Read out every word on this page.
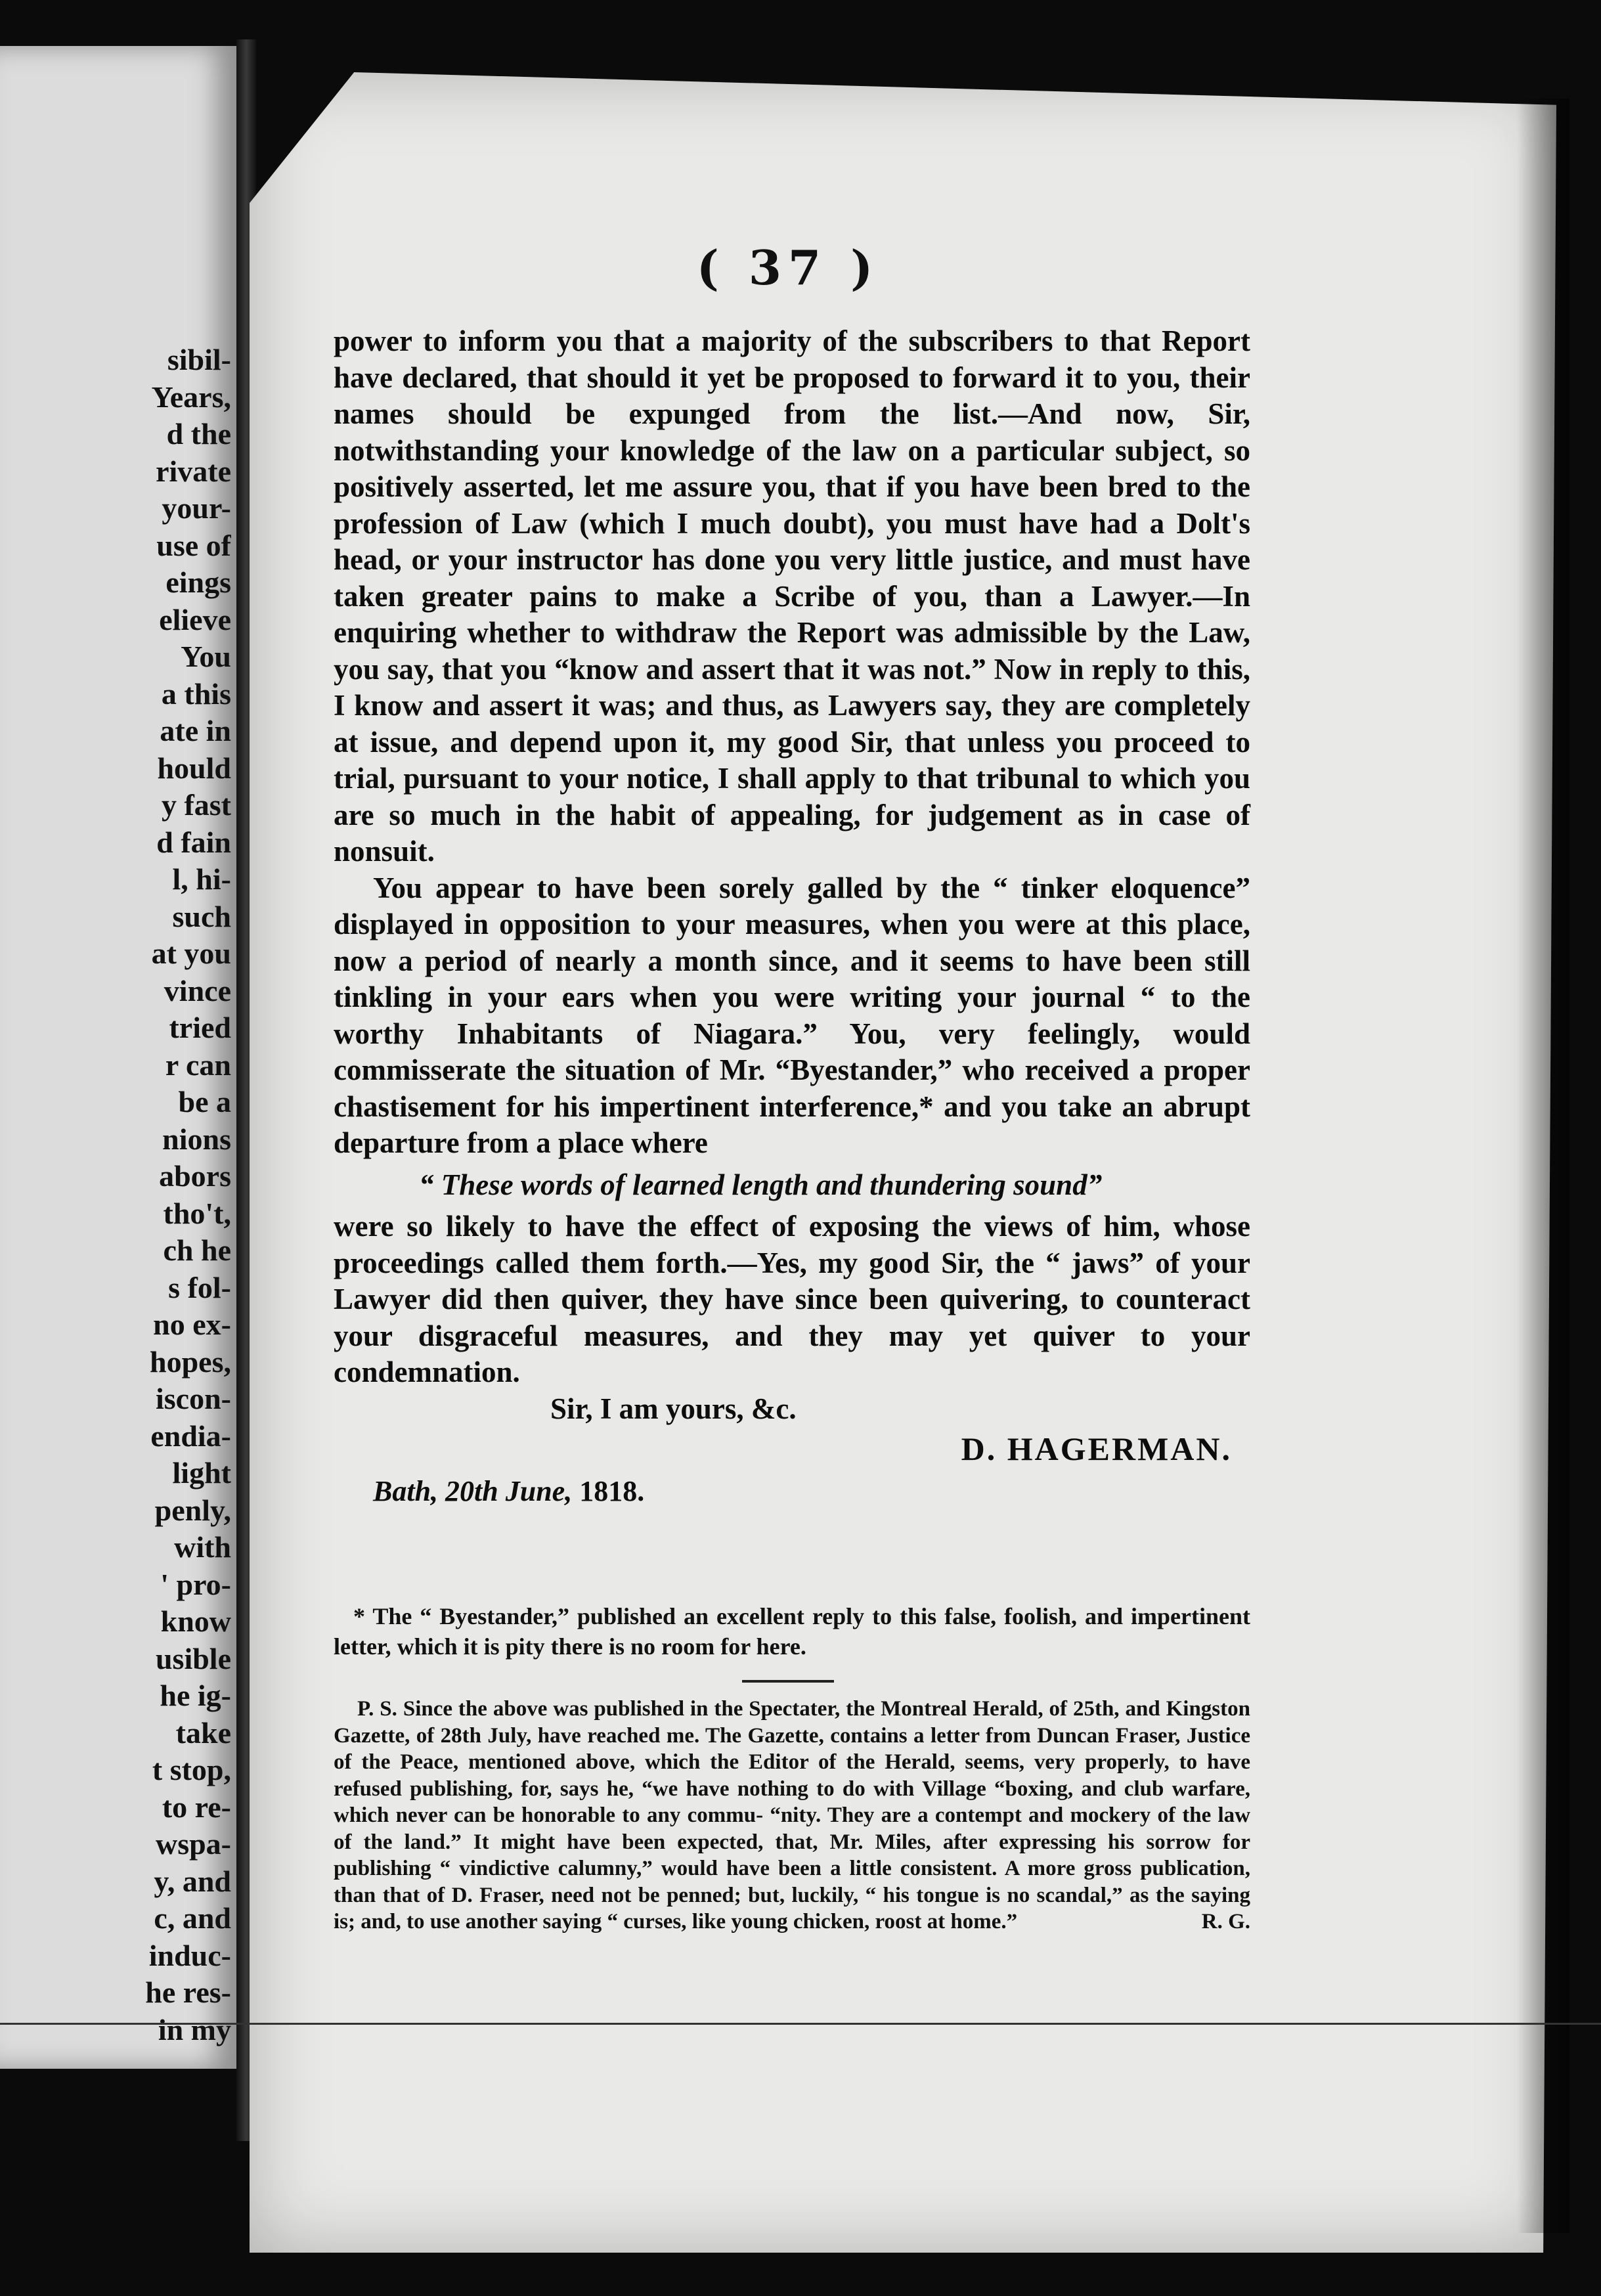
sibil-
Years,
d the
rivate
your-
use of
eings
elieve
You
a this
ate in
hould
y fast
d fain
l, hi-
such
at you
vince
tried
r can
be a
nions
abors
tho't,
ch he
s fol-
no ex-
hopes,
iscon-
endia-
light
penly,
with
' pro-
know
usible
he ig-
take
t stop,
to re-
wspa-
y, and
c, and
induc-
he res-
in my
( 37 )

power to inform you that a majority of the subscribers to that Report have declared, that should it yet be proposed to forward it to you, their names should be expunged from the list.—And now, Sir, notwithstanding your knowledge of the law on a particular subject, so positively asserted, let me assure you, that if you have been bred to the profession of Law (which I much doubt), you must have had a Dolt's head, or your instructor has done you very little justice, and must have taken greater pains to make a Scribe of you, than a Lawyer.—In enquiring whether to withdraw the Report was admissible by the Law, you say, that you “know and assert that it was not.” Now in reply to this, I know and assert it was; and thus, as Lawyers say, they are completely at issue, and depend upon it, my good Sir, that unless you proceed to trial, pursuant to your notice, I shall apply to that tribunal to which you are so much in the habit of appealing, for judgement as in case of nonsuit.

You appear to have been sorely galled by the “ tinker eloquence” displayed in opposition to your measures, when you were at this place, now a period of nearly a month since, and it seems to have been still tinkling in your ears when you were writing your journal “ to the worthy Inhabitants of Niagara.” You, very feelingly, would commisserate the situation of Mr. “Byestander,” who received a proper chastisement for his impertinent interference,* and you take an abrupt departure from a place where

“ These words of learned length and thundering sound”

were so likely to have the effect of exposing the views of him, whose proceedings called them forth.—Yes, my good Sir, the “ jaws” of your Lawyer did then quiver, they have since been quivering, to counteract your disgraceful measures, and they may yet quiver to your condemnation.

Sir, I am yours, &c.

D. HAGERMAN.

Bath, 20th June, 1818.

* The “ Byestander,” published an excellent reply to this false, foolish, and impertinent letter, which it is pity there is no room for here.

P. S. Since the above was published in the Spectater, the Montreal Herald, of 25th, and Kingston Gazette, of 28th July, have reached me. The Gazette, contains a letter from Duncan Fraser, Justice of the Peace, mentioned above, which the Editor of the Herald, seems, very properly, to have refused publishing, for, says he, “we have nothing to do with Village “boxing, and club warfare, which never can be honorable to any commu- “nity. They are a contempt and mockery of the law of the land.” It might have been expected, that, Mr. Miles, after expressing his sorrow for publishing “ vindictive calumny,” would have been a little consistent. A more gross publication, than that of D. Fraser, need not be penned; but, luckily, “ his tongue is no scandal,” as the saying is; and, to use another saying “ curses, like young chicken, roost at home.”	R. G.
